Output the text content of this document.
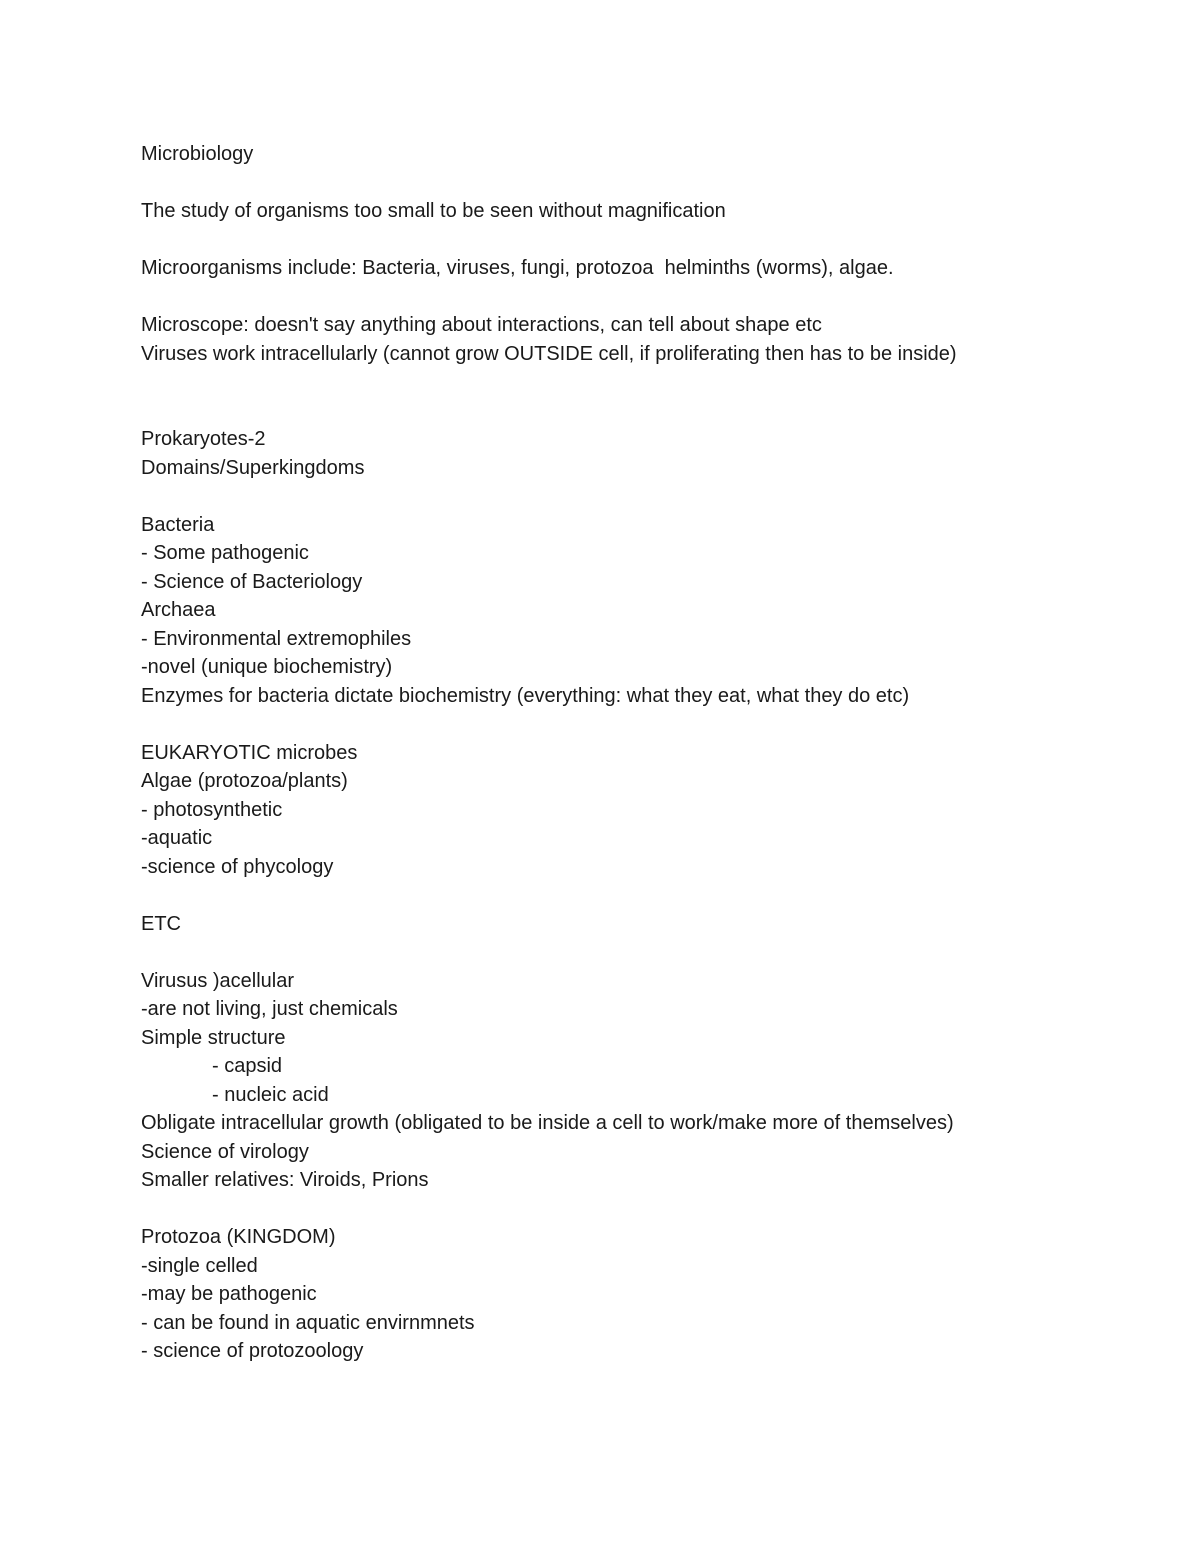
Microbiology
The study of organisms too small to be seen without magnification
Microorganisms include: Bacteria, viruses, fungi, protozoa  helminths (worms), algae.
Microscope: doesn't say anything about interactions, can tell about shape etc
Viruses work intracellularly (cannot grow OUTSIDE cell, if proliferating then has to be inside)
Prokaryotes-2
Domains/Superkingdoms
Bacteria
- Some pathogenic
- Science of Bacteriology
Archaea
- Environmental extremophiles
-novel (unique biochemistry)
Enzymes for bacteria dictate biochemistry (everything: what they eat, what they do etc)
EUKARYOTIC microbes
Algae (protozoa/plants)
- photosynthetic
-aquatic
-science of phycology
ETC
Virusus )acellular
-are not living, just chemicals
Simple structure
- capsid
- nucleic acid
Obligate intracellular growth (obligated to be inside a cell to work/make more of themselves)
Science of virology
Smaller relatives: Viroids, Prions
Protozoa (KINGDOM)
-single celled
-may be pathogenic
- can be found in aquatic envirnmnets
- science of protozoology
